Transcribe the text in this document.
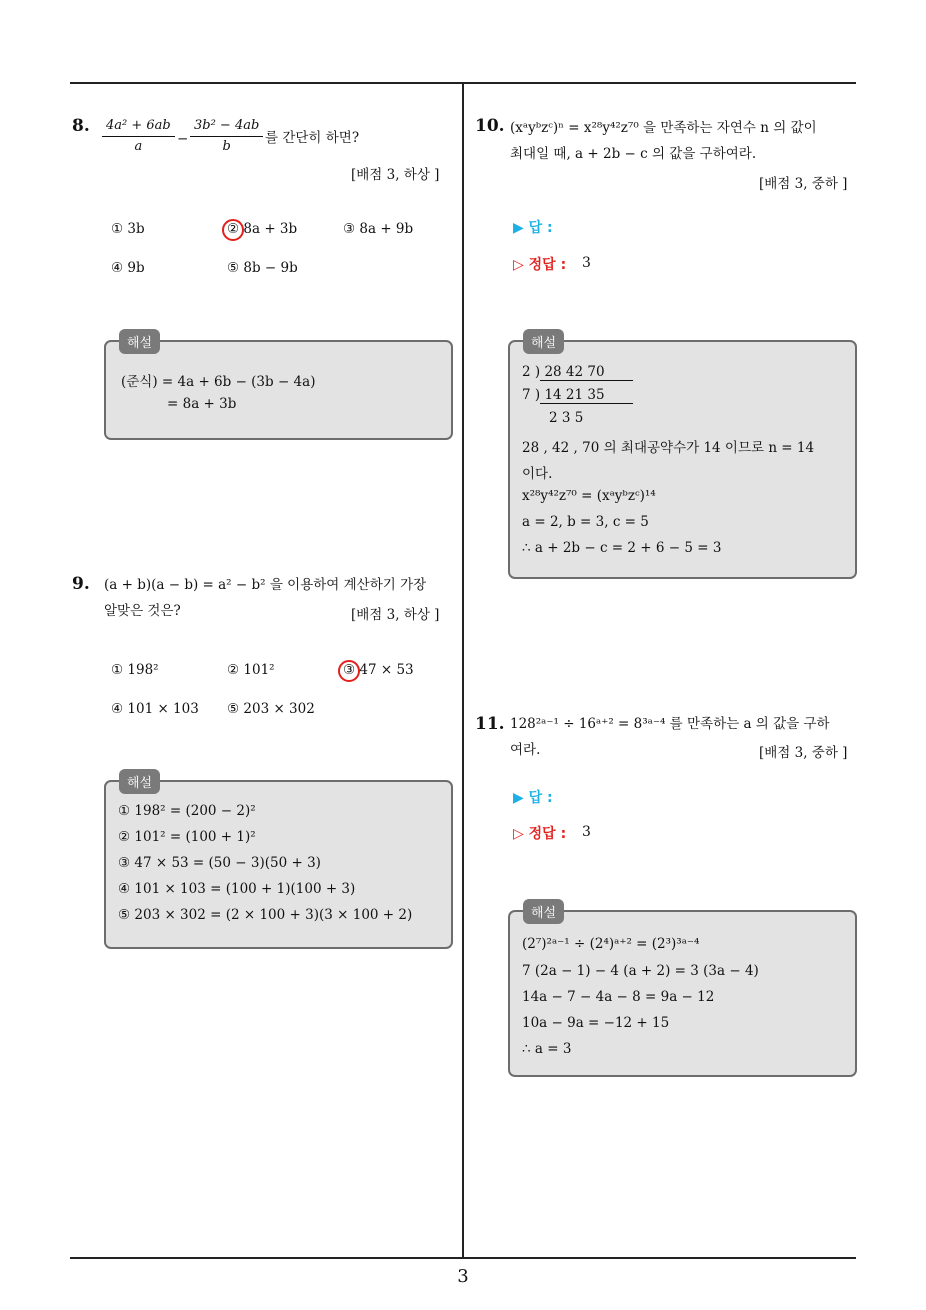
3
8. $\frac{\text{4a² + 6ab}}{a} - \frac{\text{3b² − 4ab}}{b}$ 를 간단히 하면?
[배점 3, 하상 ]
① 3b	② 8a + 3b	③ 8a + 9b
④ 9b	⑤ 8b − 9b
해설
(준식) = 4a + 6b − (3b − 4a)
= 8a + 3b
9. (a + b)(a − b) = a² − b² 을 이용하여 계산하기 가장
알맞은 것은?	[배점 3, 하상 ]
① 198²	② 101²	③ 47 × 53
④ 101 × 103 ⑤ 203 × 302
해설
① 198² = (200 − 2)²
② 101² = (100 + 1)²
③ 47 × 53 = (50 − 3)(50 + 3)
④ 101 × 103 = (100 + 1)(100 + 3)
⑤ 203 × 302 = (2 × 100 + 3)(3 × 100 + 2)
10. (xᵃyᵇzᶜ)ⁿ = x²⁸y⁴²z⁷⁰ 을 만족하는 자연수 n 의 값이
최대일 때, a + 2b − c 의 값을 구하여라.
[배점 3, 중하 ]
▶ 답 :
▷ 정답 : 3
해설
2 ) 28 42 70
7 ) 14 21 35
2 3 5
28 , 42 , 70 의 최대공약수가 14 이므로 n = 14
이다.
x²⁸y⁴²z⁷⁰ = (xᵃyᵇzᶜ)¹⁴
a = 2, b = 3, c = 5
∴ a + 2b − c = 2 + 6 − 5 = 3
11. 128²ᵃ⁻¹ ÷ 16ᵃ⁺² = 8³ᵃ⁻⁴ 를 만족하는 a 의 값을 구하
여라.	[배점 3, 중하 ]
▶ 답 :
▷ 정답 : 3
해설
(2⁷)²ᵃ⁻¹ ÷ (2⁴)ᵃ⁺² = (2³)³ᵃ⁻⁴
7 (2a − 1) − 4 (a + 2) = 3 (3a − 4)
14a − 7 − 4a − 8 = 9a − 12
10a − 9a = −12 + 15
∴ a = 3
